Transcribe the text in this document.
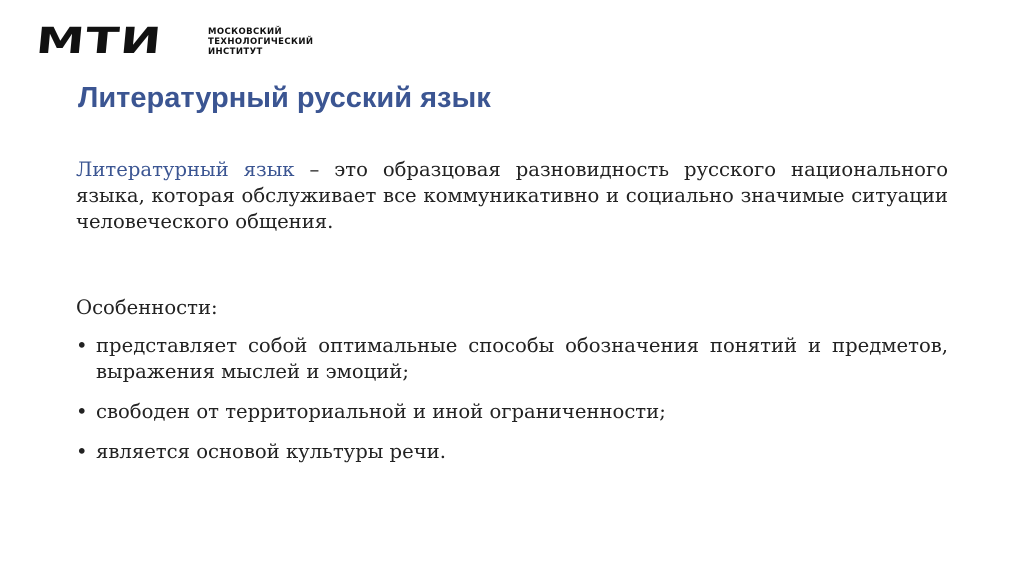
МТИ	МОСКОВСКИЙ
ТЕХНОЛОГИЧЕСКИЙ
ИНСТИТУТ
Литературный русский язык

Литературный язык – это образцовая разновидность русского национального языка, которая обслуживает все коммуникативно и социально значимые ситуации человеческого общения.

Особенности:
• представляет собой оптимальные способы обозначения понятий и предметов, выражения мыслей и эмоций;
• свободен от территориальной и иной ограниченности;
• является основой культуры речи.
